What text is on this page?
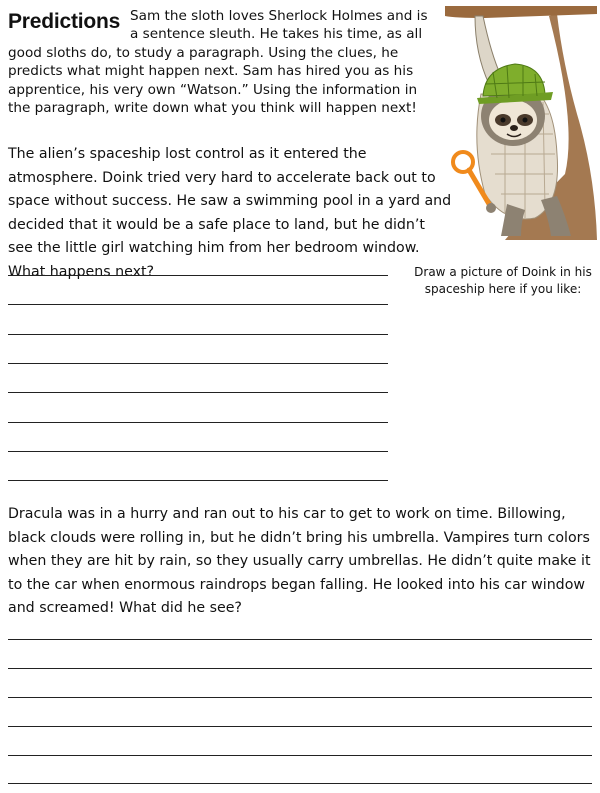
Predictions Sam the sloth loves Sherlock Holmes and is a sentence sleuth. He takes his time, as all good sloths do, to study a paragraph. Using the clues, he predicts what might happen next. Sam has hired you as his apprentice, his very own “Watson.” Using the information in the paragraph, write down what you think will happen next!
The alien’s spaceship lost control as it entered the atmosphere. Doink tried very hard to accelerate back out to space without success. He saw a swimming pool in a yard and decided that it would be a safe place to land, but he didn’t see the little girl watching him from her bedroom window. What happens next?	Draw a picture of Doink in his spaceship here if you like:
Dracula was in a hurry and ran out to his car to get to work on time. Billowing, black clouds were rolling in, but he didn’t bring his umbrella. Vampires turn colors when they are hit by rain, so they usually carry umbrellas. He didn’t quite make it to the car when enormous raindrops began falling. He looked into his car window and screamed! What did he see?
